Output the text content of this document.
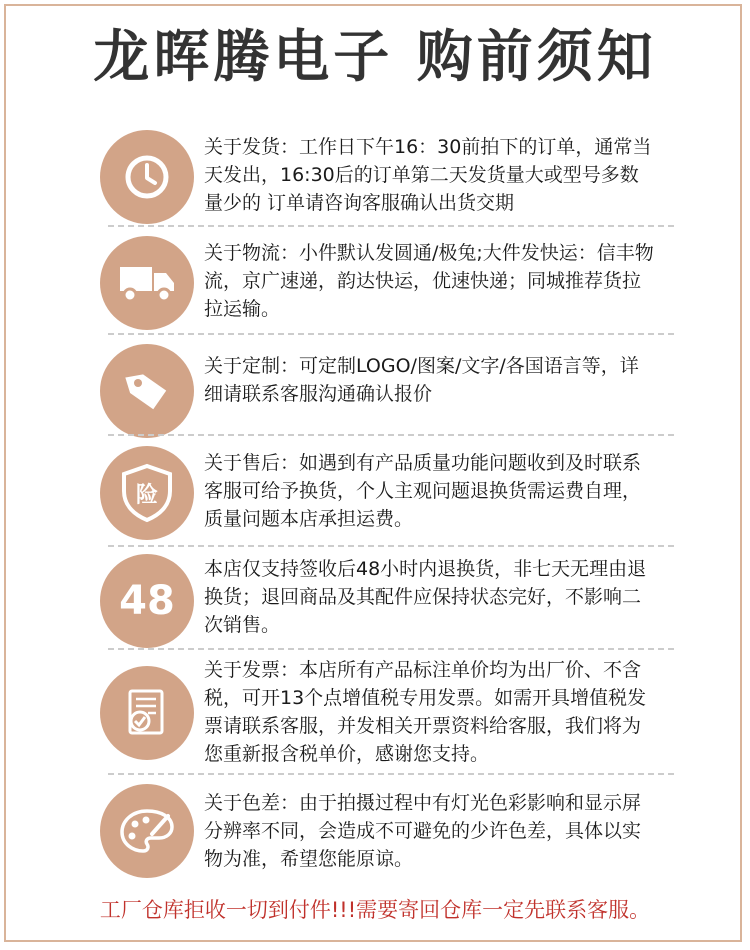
龙晖腾电子 购前须知
关于发货：工作日下午16：30前拍下的订单，通常当天发出，16:30后的订单第二天发货量大或型号多数量少的 订单请咨询客服确认出货交期
关于物流：小件默认发圆通/极兔;大件发快运：信丰物流，京广速递，韵达快运，优速快递；同城推荐货拉拉运输。
关于定制：可定制LOGO/图案/文字/各国语言等，详细请联系客服沟通确认报价
险
关于售后：如遇到有产品质量功能问题收到及时联系客服可给予换货，个人主观问题退换货需运费自理，质量问题本店承担运费。
48
本店仅支持签收后48小时内退换货，非七天无理由退换货；退回商品及其配件应保持状态完好，不影响二次销售。
关于发票：本店所有产品标注单价均为出厂价、不含税，可开13个点增值税专用发票。如需开具增值税发票请联系客服，并发相关开票资料给客服，我们将为您重新报含税单价，感谢您支持。
关于色差：由于拍摄过程中有灯光色彩影响和显示屏分辨率不同，会造成不可避免的少许色差，具体以实物为准，希望您能原谅。
工厂仓库拒收一切到付件!!!需要寄回仓库一定先联系客服。
